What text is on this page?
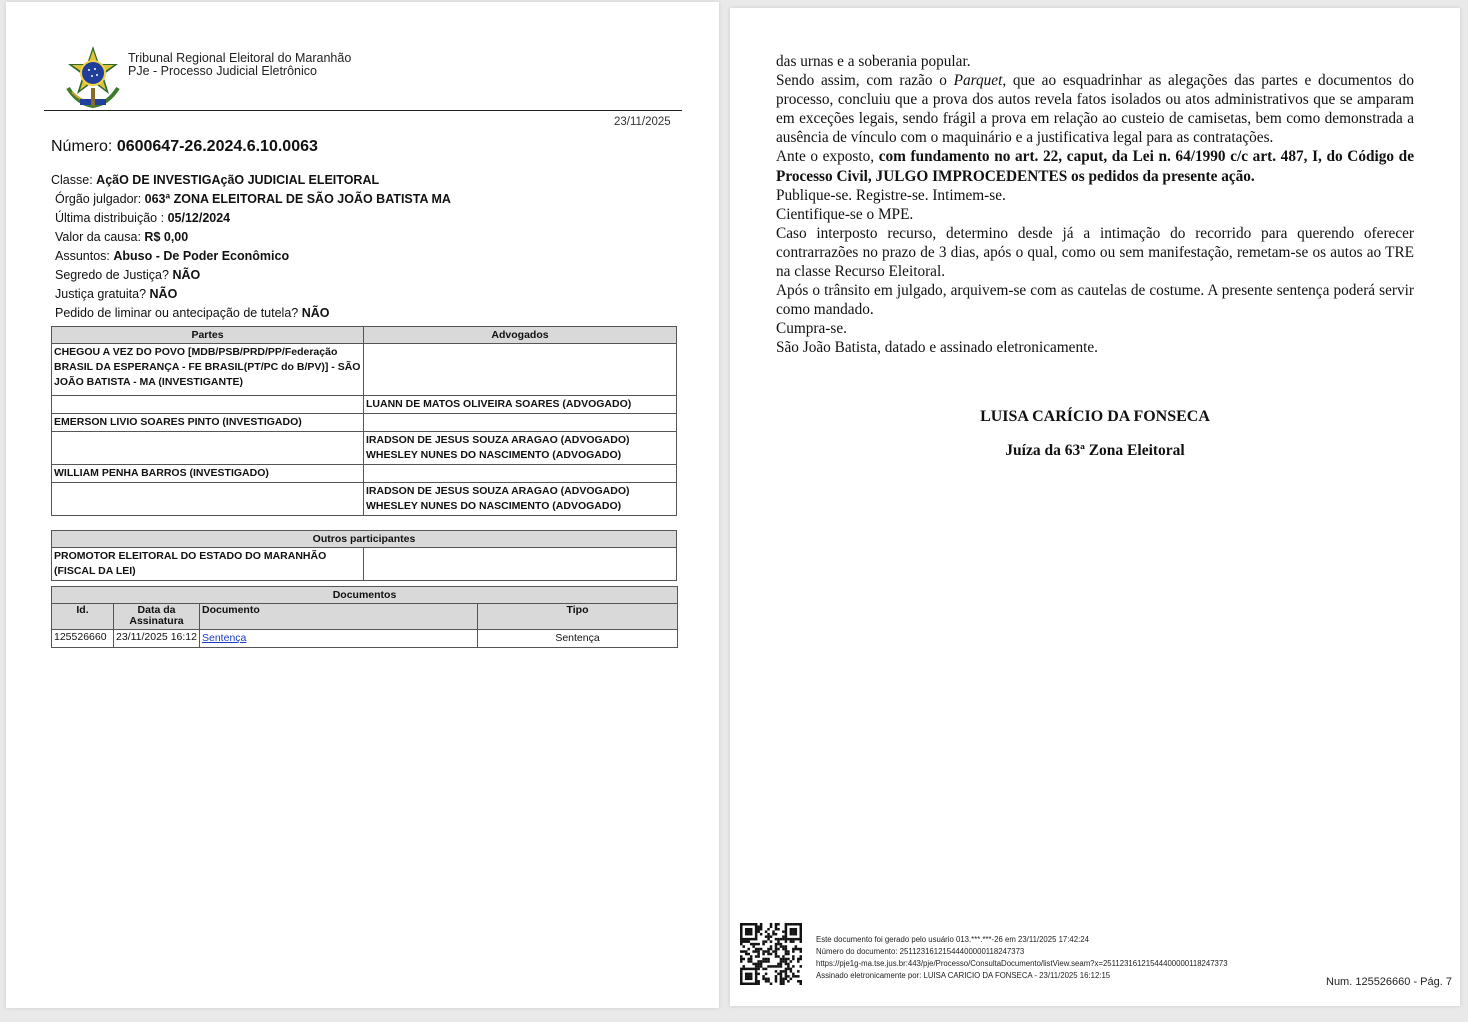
Tribunal Regional Eleitoral do Maranhão
PJe - Processo Judicial Eletrônico
23/11/2025
Número: 0600647-26.2024.6.10.0063
Classe: AçãO DE INVESTIGAçãO JUDICIAL ELEITORAL
Órgão julgador: 063ª ZONA ELEITORAL DE SÃO JOÃO BATISTA MA
Última distribuição : 05/12/2024
Valor da causa: R$ 0,00
Assuntos: Abuso - De Poder Econômico
Segredo de Justiça? NÃO
Justiça gratuita? NÃO
Pedido de liminar ou antecipação de tutela? NÃO
Partes	Advogados
CHEGOU A VEZ DO POVO [MDB/PSB/PRD/PP/Federação BRASIL DA ESPERANÇA - FE BRASIL(PT/PC do B/PV)] - SÃO JOÃO BATISTA - MA (INVESTIGANTE)	
	LUANN DE MATOS OLIVEIRA SOARES (ADVOGADO)
EMERSON LIVIO SOARES PINTO (INVESTIGADO)	

	IRADSON DE JESUS SOUZA ARAGAO (ADVOGADO)
WHESLEY NUNES DO NASCIMENTO (ADVOGADO)

WILLIAM PENHA BARROS (INVESTIGADO)	

	IRADSON DE JESUS SOUZA ARAGAO (ADVOGADO)
WHESLEY NUNES DO NASCIMENTO (ADVOGADO)
Outros participantes
PROMOTOR ELEITORAL DO ESTADO DO MARANHÃO (FISCAL DA LEI)	
Documentos			
Id.	Data da Assinatura	Documento	Tipo
125526660	23/11/2025 16:12	Sentença	Sentença

das urnas e a soberania popular.

Sendo assim, com razão o Parquet, que ao esquadrinhar as alegações das partes e documentos do processo, concluiu que a prova dos autos revela fatos isolados ou atos administrativos que se amparam em exceções legais, sendo frágil a prova em relação ao custeio de camisetas, bem como demonstrada a ausência de vínculo com o maquinário e a justificativa legal para as contratações.

Ante o exposto, com fundamento no art. 22, caput, da Lei n. 64/1990 c/c art. 487, I, do Código de Processo Civil, JULGO IMPROCEDENTES os pedidos da presente ação.

Publique-se. Registre-se. Intimem-se.

Cientifique-se o MPE.

Caso interposto recurso, determino desde já a intimação do recorrido para querendo oferecer contrarrazões no prazo de 3 dias, após o qual, como ou sem manifestação, remetam-se os autos ao TRE na classe Recurso Eleitoral.

Após o trânsito em julgado, arquivem-se com as cautelas de costume. A presente sentença poderá servir como mandado.

Cumpra-se.

São João Batista, datado e assinado eletronicamente.

LUISA CARÍCIO DA FONSECA
Juíza da 63ª Zona Eleitoral
Este documento foi gerado pelo usuário 013.***.***-26 em 23/11/2025 17:42:24
Número do documento: 25112316121544400000118247373
https://pje1g-ma.tse.jus.br:443/pje/Processo/ConsultaDocumento/listView.seam?x=25112316121544400000118247373
Assinado eletronicamente por: LUISA CARICIO DA FONSECA - 23/11/2025 16:12:15
Num. 125526660 - Pág. 7
